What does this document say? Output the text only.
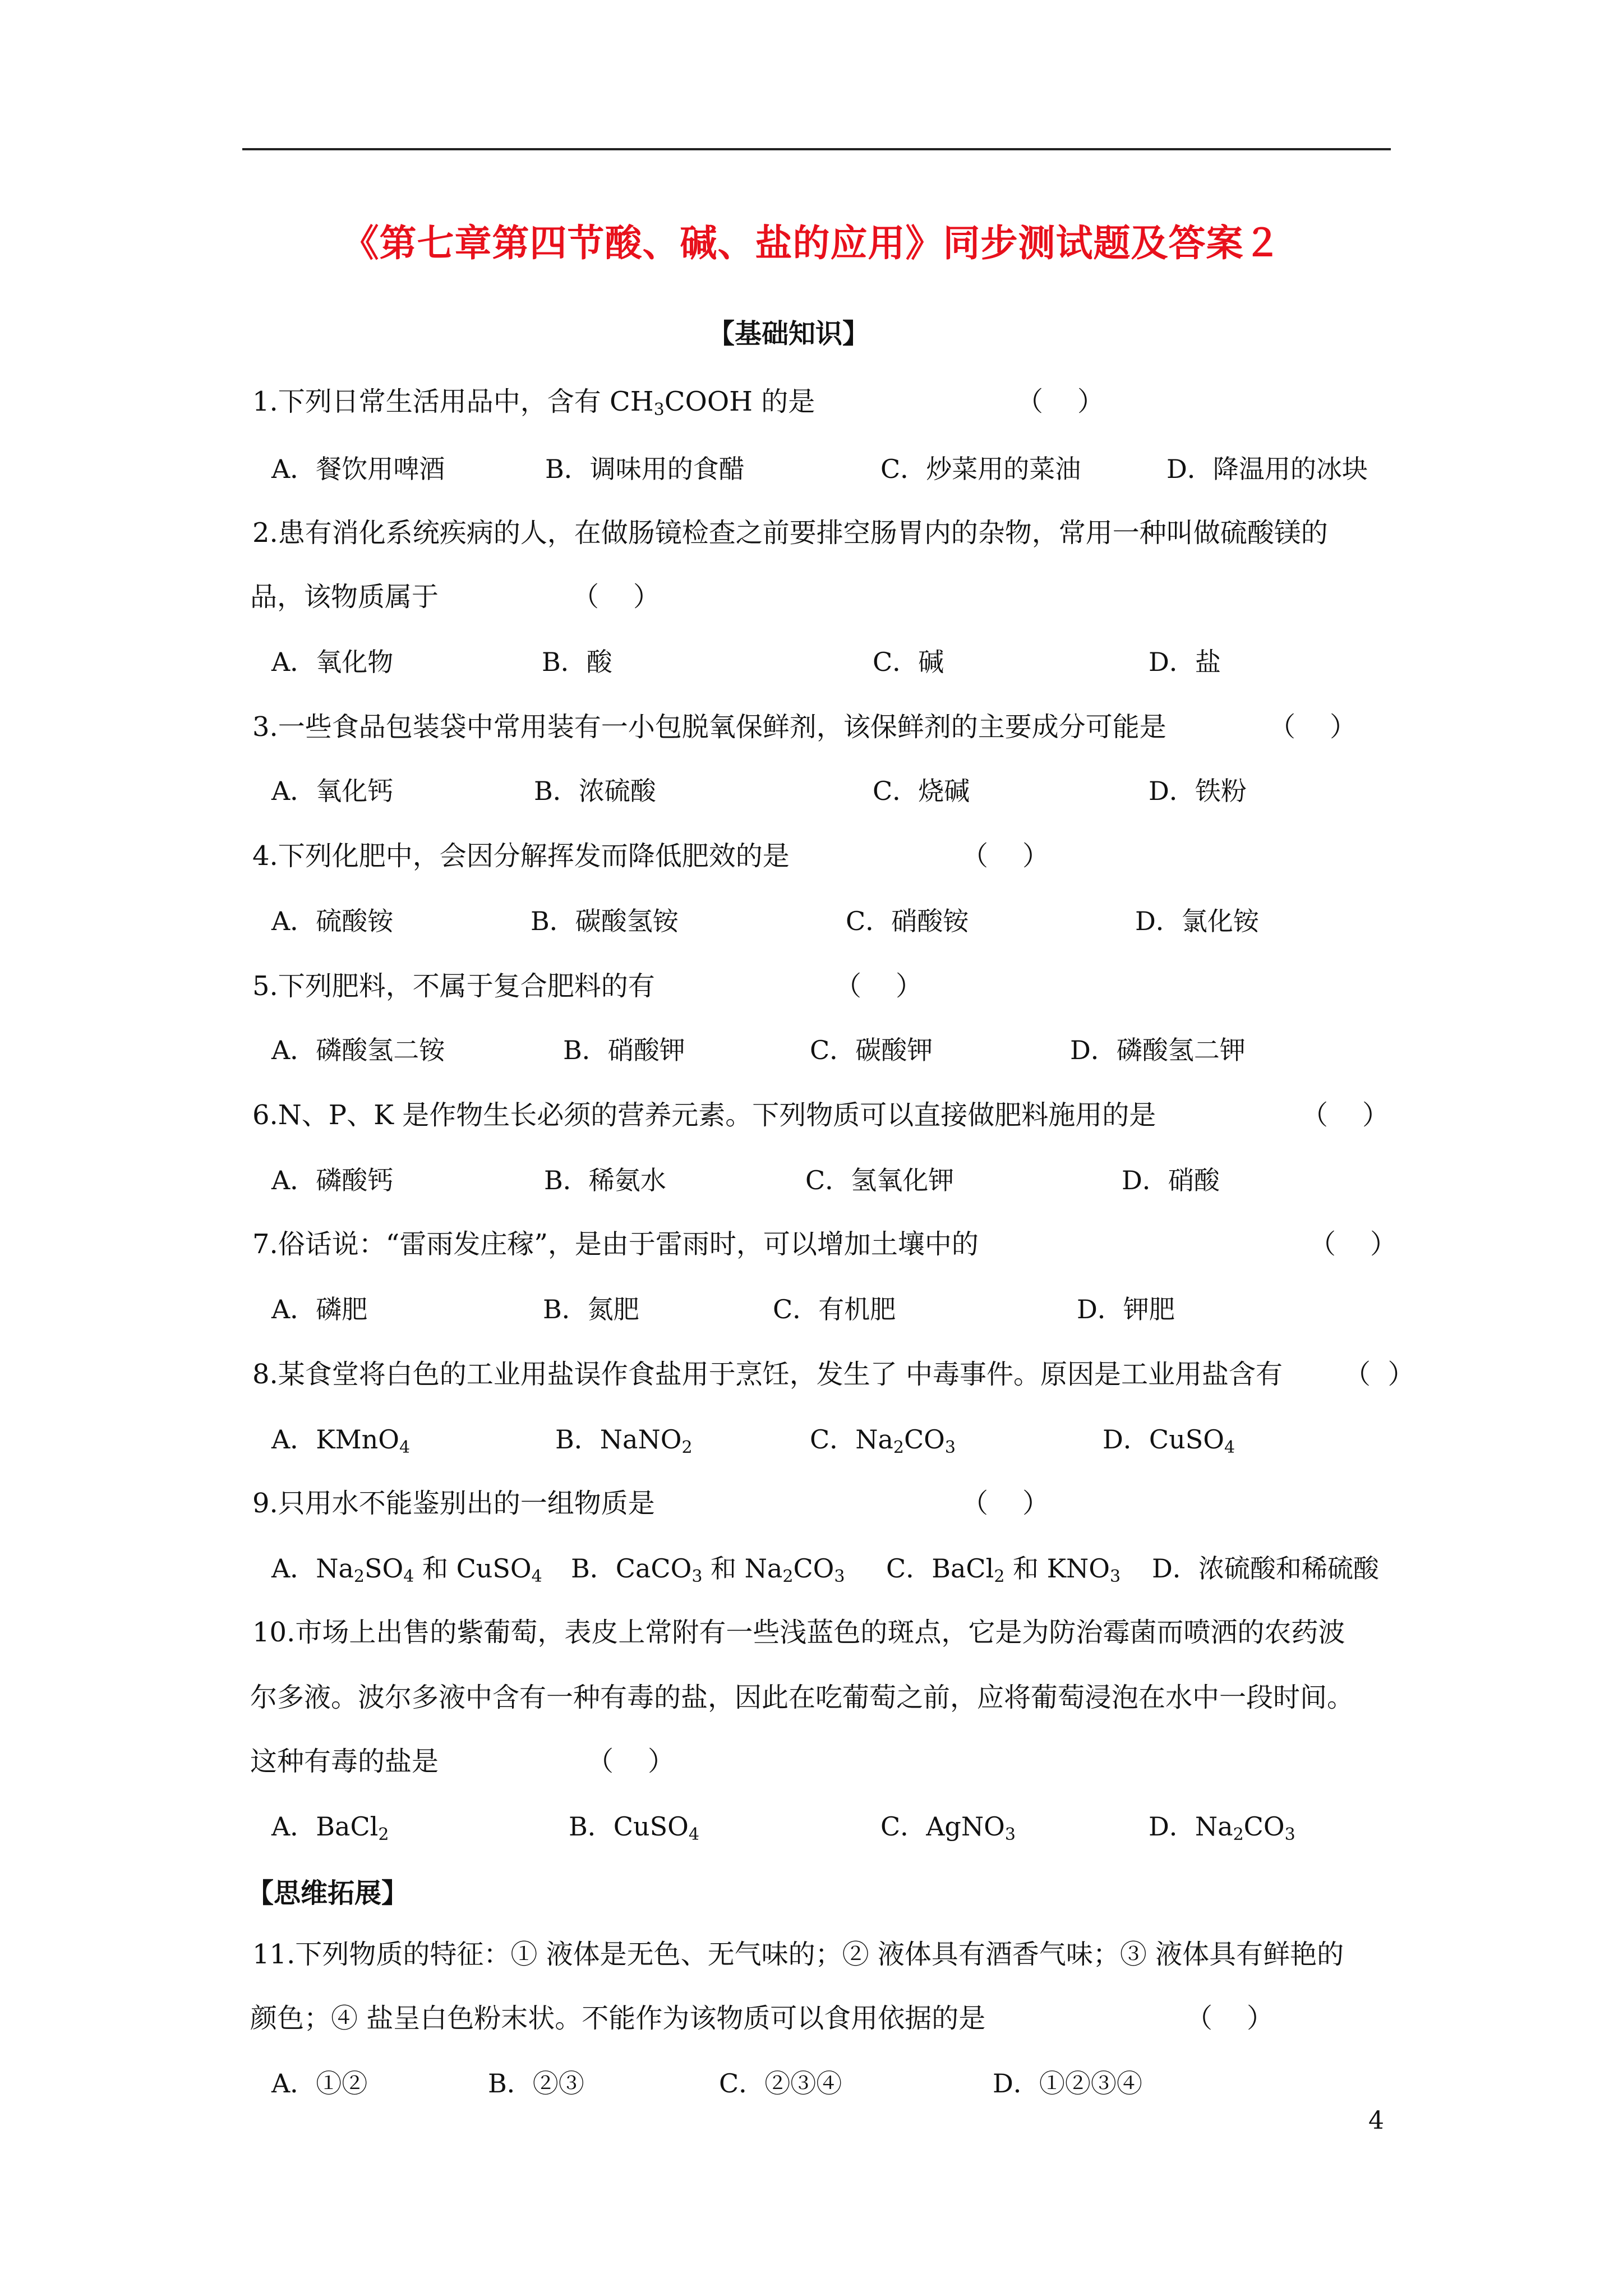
《第七章第四节酸、碱、盐的应用》同步测试题及答案２
【基础知识】
1.下列日常生活用品中，含有 $CH_3COOH$ 的是	（    ）
A．餐饮用啤酒	B．调味用的食醋	C．炒菜用的菜油	D．降温用的冰块
2.患有消化系统疾病的人，在做肠镜检查之前要排空肠胃内的杂物，常用一种叫做硫酸镁的
品，该物质属于	（    ）
A．氧化物	B．酸	C．碱	D．盐
3.一些食品包装袋中常用装有一小包脱氧保鲜剂，该保鲜剂的主要成分可能是	（    ）
A．氧化钙	B．浓硫酸	C．烧碱	D．铁粉
4.下列化肥中，会因分解挥发而降低肥效的是	（    ）
A．硫酸铵	B．碳酸氢铵	C．硝酸铵	D．氯化铵
5.下列肥料，不属于复合肥料的有	（    ）
A．磷酸氢二铵	B．硝酸钾	C．碳酸钾	D．磷酸氢二钾
6.N、P、K 是作物生长必须的营养元素。下列物质可以直接做肥料施用的是	（    ）
A．磷酸钙	B．稀氨水	C．氢氧化钾	D．硝酸
7.俗话说：“雷雨发庄稼”，是由于雷雨时，可以增加土壤中的	（    ）
A．磷肥	B．氮肥	C．有机肥	D．钾肥
8.某食堂将白色的工业用盐误作食盐用于烹饪，发生了 中毒事件。原因是工业用盐含有 （  ）
A．KMnO$_4$	B．NaNO$_2$	C．$Na_2CO_3$	D．CuSO$_4$
9.只用水不能鉴别出的一组物质是	（    ）
A．$Na_2SO_4$ 和 CuSO$_4$ B．CaCO$_3$ 和 $Na_2CO_3$ C．BaCl$_2$ 和 $KNO_3$ D．浓硫酸和稀硫酸
10.市场上出售的紫葡萄，表皮上常附有一些浅蓝色的斑点，它是为防治霉菌而喷洒的农药波
尔多液。波尔多液中含有一种有毒的盐，因此在吃葡萄之前，应将葡萄浸泡在水中一段时间。
这种有毒的盐是	（    ）
A．BaCl$_2$	B．CuSO$_4$	C．AgNO$_3$	D．$Na_2CO_3$
【思维拓展】
11.下列物质的特征：① 液体是无色、无气味的；② 液体具有酒香气味；③ 液体具有鲜艳的
颜色；④ 盐呈白色粉末状。不能作为该物质可以食用依据的是	（    ）
A．①②	B．②③	C．②③④	D．①②③④
4
